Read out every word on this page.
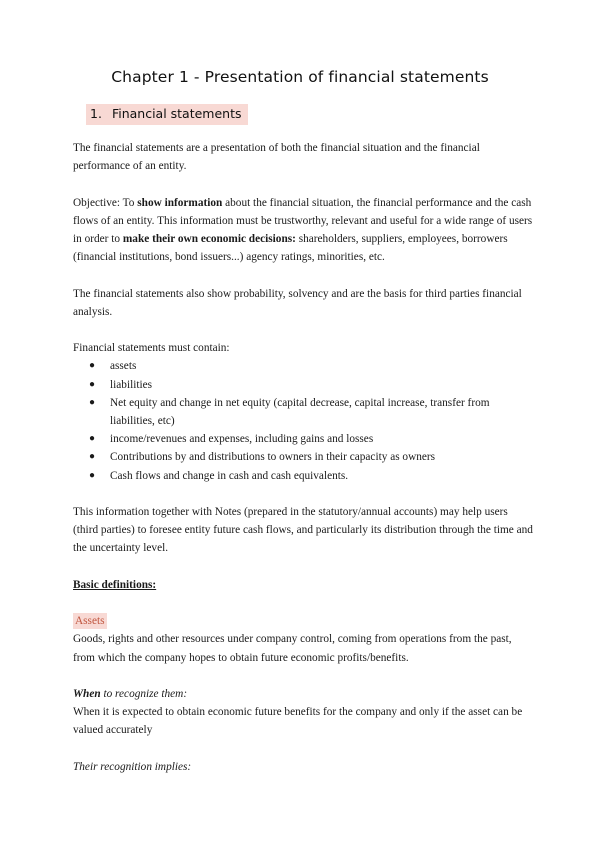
Chapter 1 - Presentation of financial statements
1. Financial statements

The financial statements are a presentation of both the financial situation and the financial performance of an entity.

Objective: To show information about the financial situation, the financial performance and the cash flows of an entity. This information must be trustworthy, relevant and useful for a wide range of users in order to make their own economic decisions: shareholders, suppliers, employees, borrowers (financial institutions, bond issuers...) agency ratings, minorities, etc.

The financial statements also show probability, solvency and are the basis for third parties financial analysis.

Financial statements must contain:

● assets
● liabilities
● Net equity and change in net equity (capital decrease, capital increase, transfer from liabilities, etc)
● income/revenues and expenses, including gains and losses
● Contributions by and distributions to owners in their capacity as owners
● Cash flows and change in cash and cash equivalents.

This information together with Notes (prepared in the statutory/annual accounts) may help users (third parties) to foresee entity future cash flows, and particularly its distribution through the time and the uncertainty level.

Basic definitions:

Assets

Goods, rights and other resources under company control, coming from operations from the past, from which the company hopes to obtain future economic profits/benefits.

When to recognize them:

When it is expected to obtain economic future benefits for the company and only if the asset can be valued accurately

Their recognition implies:
